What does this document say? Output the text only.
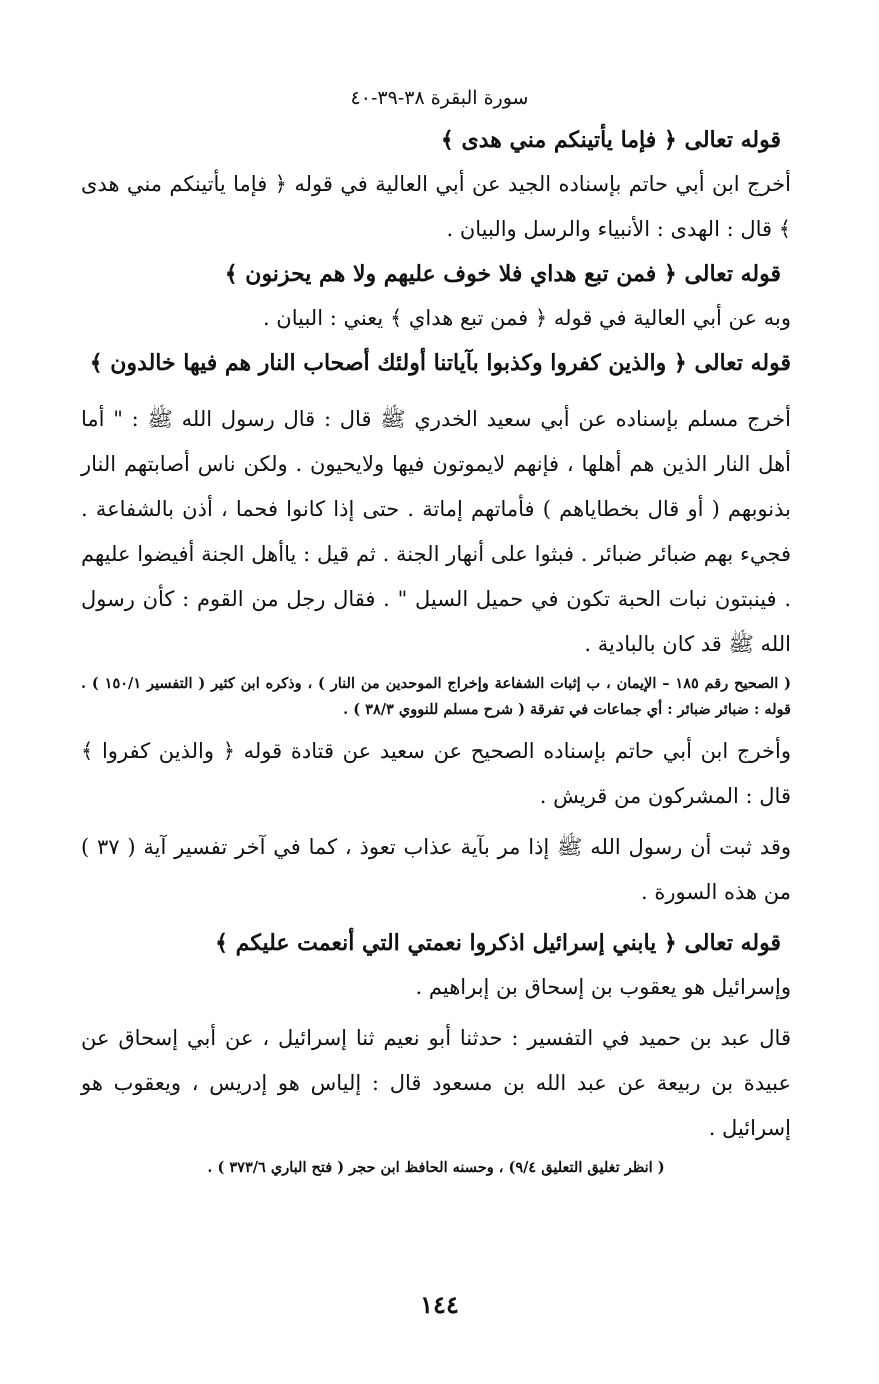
سورة البقرة ٣٨-٣٩-٤٠

قوله تعالى ﴿ فإما يأتينكم مني هدى ﴾

أخرج ابن أبي حاتم بإسناده الجيد عن أبي العالية في قوله ﴿ فإما يأتينكم مني هدى ﴾ قال : الهدى : الأنبياء والرسل والبيان .

قوله تعالى ﴿ فمن تبع هداي فلا خوف عليهم ولا هم يحزنون ﴾

وبه عن أبي العالية في قوله ﴿ فمن تبع هداي ﴾ يعني : البيان .

قوله تعالى ﴿ والذين كفروا وكذبوا بآياتنا أولئك أصحاب النار هم فيها خالدون ﴾

أخرج مسلم بإسناده عن أبي سعيد الخدري ﷺ قال : قال رسول الله ﷺ : " أما أهل النار الذين هم أهلها ، فإنهم لايموتون فيها ولايحيون . ولكن ناس أصابتهم النار بذنوبهم ( أو قال بخطاياهم ) فأماتهم إماتة . حتى إذا كانوا فحما ، أذن بالشفاعة . فجيء بهم ضبائر ضبائر . فبثوا على أنهار الجنة . ثم قيل : ياأهل الجنة أفيضوا عليهم . فينبتون نبات الحبة تكون في حميل السيل " . فقال رجل من القوم : كأن رسول الله ﷺ قد كان بالبادية .

( الصحيح رقم ١٨٥ – الإيمان ، ب إثبات الشفاعة وإخراج الموحدين من النار ) ، وذكره ابن كثير ( التفسير ١٥٠/١ ) . قوله : ضبائر ضبائر : أي جماعات في تفرقة ( شرح مسلم للنووي ٣٨/٣ ) .

وأخرج ابن أبي حاتم بإسناده الصحيح عن سعيد عن قتادة قوله ﴿ والذين كفروا ﴾ قال : المشركون من قريش .

وقد ثبت أن رسول الله ﷺ إذا مر بآية عذاب تعوذ ، كما في آخر تفسير آية ( ٣٧ ) من هذه السورة .

قوله تعالى ﴿ يابني إسرائيل اذكروا نعمتي التي أنعمت عليكم ﴾

وإسرائيل هو يعقوب بن إسحاق بن إبراهيم .

قال عبد بن حميد في التفسير : حدثنا أبو نعيم ثنا إسرائيل ، عن أبي إسحاق عن عبيدة بن ربيعة عن عبد الله بن مسعود قال : إلياس هو إدريس ، ويعقوب هو إسرائيل .

( انظر تغليق التعليق ٩/٤) ، وحسنه الحافظ ابن حجر ( فتح الباري ٣٧٣/٦ ) .

١٤٤
